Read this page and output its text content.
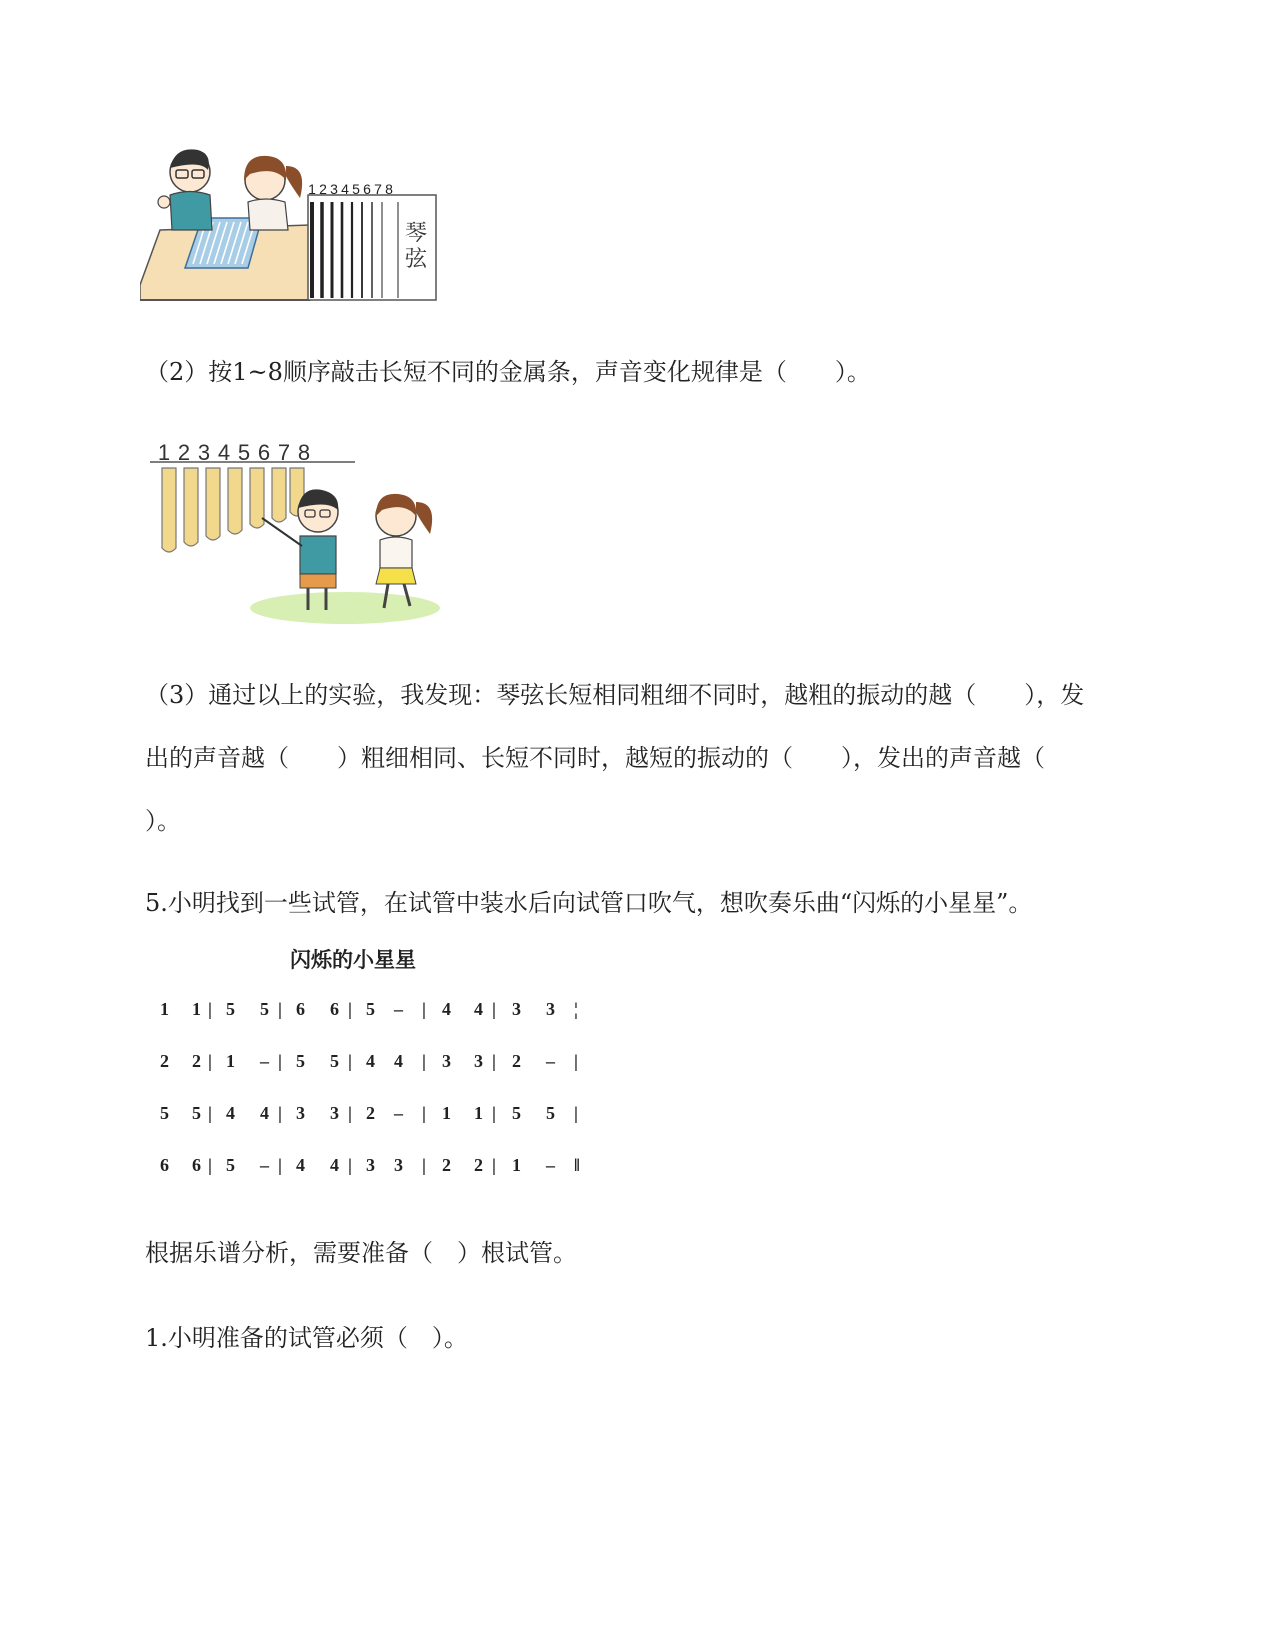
1 2 3 4 5 6 7 8
琴
弦
（2）按1~8顺序敲击长短不同的金属条，声音变化规律是（　　）。
1 2 3 4 5 6 7 8
（3）通过以上的实验，我发现：琴弦长短相同粗细不同时，越粗的振动的越（　　），发
出的声音越（　　）粗细相同、长短不同时，越短的振动的（　　），发出的声音越（
）。
5.小明找到一些试管，在试管中装水后向试管口吹气，想吹奏乐曲“闪烁的小星星”。
闪烁的小星星
1 1 | 5 5 | 6 6 | 5 – | 4 4 | 3 3 ¦
2 2 | 1 – | 5 5 | 4 4 | 3 3 | 2 – |
5 5 | 4 4 | 3 3 | 2 – | 1 1 | 5 5 |
6 6 | 5 – | 4 4 | 3 3 | 2 2 | 1 – ‖
根据乐谱分析，需要准备（　）根试管。
1.小明准备的试管必须（　）。
